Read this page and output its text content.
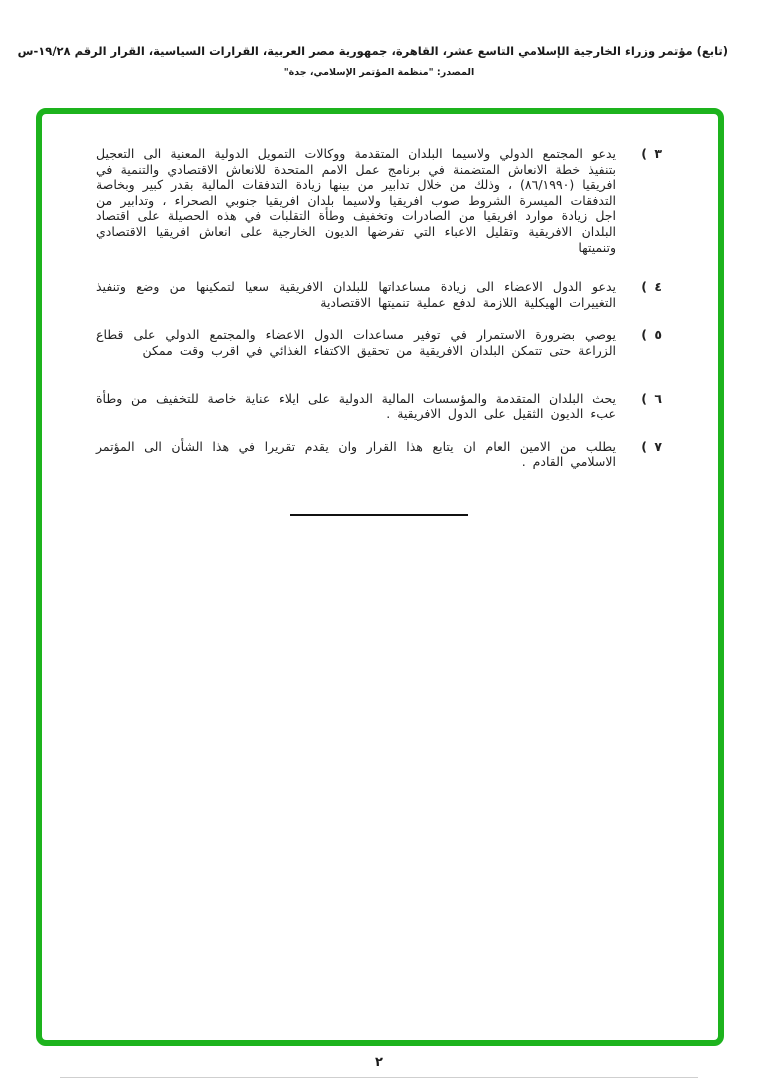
(تابع) مؤتمر وزراء الخارجية الإسلامي التاسع عشر، القاهرة، جمهورية مصر العربية، القرارات السياسية، القرار الرقم ١٩/٢٨-س
المصدر: "منظمة المؤتمر الإسلامي، جدة"
٣ )
يدعو المجتمع الدولي ولاسيما البلدان المتقدمة ووكالات التمويل الدولية المعنية الى التعجيل بتنفيذ خطة الانعاش المتضمنة في برنامج عمل الامم المتحدة للانعاش الاقتصادي والتنمية في افريقيا (٨٦/١٩٩٠) ، وذلك من خلال تدابير من بينها زيادة التدفقات المالية بقدر كبير وبخاصة التدفقات الميسرة الشروط صوب افريقيا ولاسيما بلدان افريقيا جنوبي الصحراء ، وتدابير من اجل زيادة موارد افريقيا من الصادرات وتخفيف وطأة التقلبات في هذه الحصيلة على اقتصاد البلدان الافريقية وتقليل الاعباء التي تفرضها الديون الخارجية على انعاش افريقيا الاقتصادي وتنميتها
٤ )
يدعو الدول الاعضاء الى زيادة مساعداتها للبلدان الافريقية سعيا لتمكينها من وضع وتنفيذ التغييرات الهيكلية اللازمة لدفع عملية تنميتها الاقتصادية
٥ )
يوصي بضرورة الاستمرار في توفير مساعدات الدول الاعضاء والمجتمع الدولي على قطاع الزراعة حتى تتمكن البلدان الافريقية من تحقيق الاكتفاء الغذائي في اقرب وقت ممكن
٦ )
يحث البلدان المتقدمة والمؤسسات المالية الدولية على ايلاء عناية خاصة للتخفيف من وطأة عبء الديون الثقيل على الدول الافريقية .
٧ )
يطلب من الامين العام ان يتابع هذا القرار وان يقدم تقريرا في هذا الشأن الى المؤتمر الاسلامي القادم .
٢
